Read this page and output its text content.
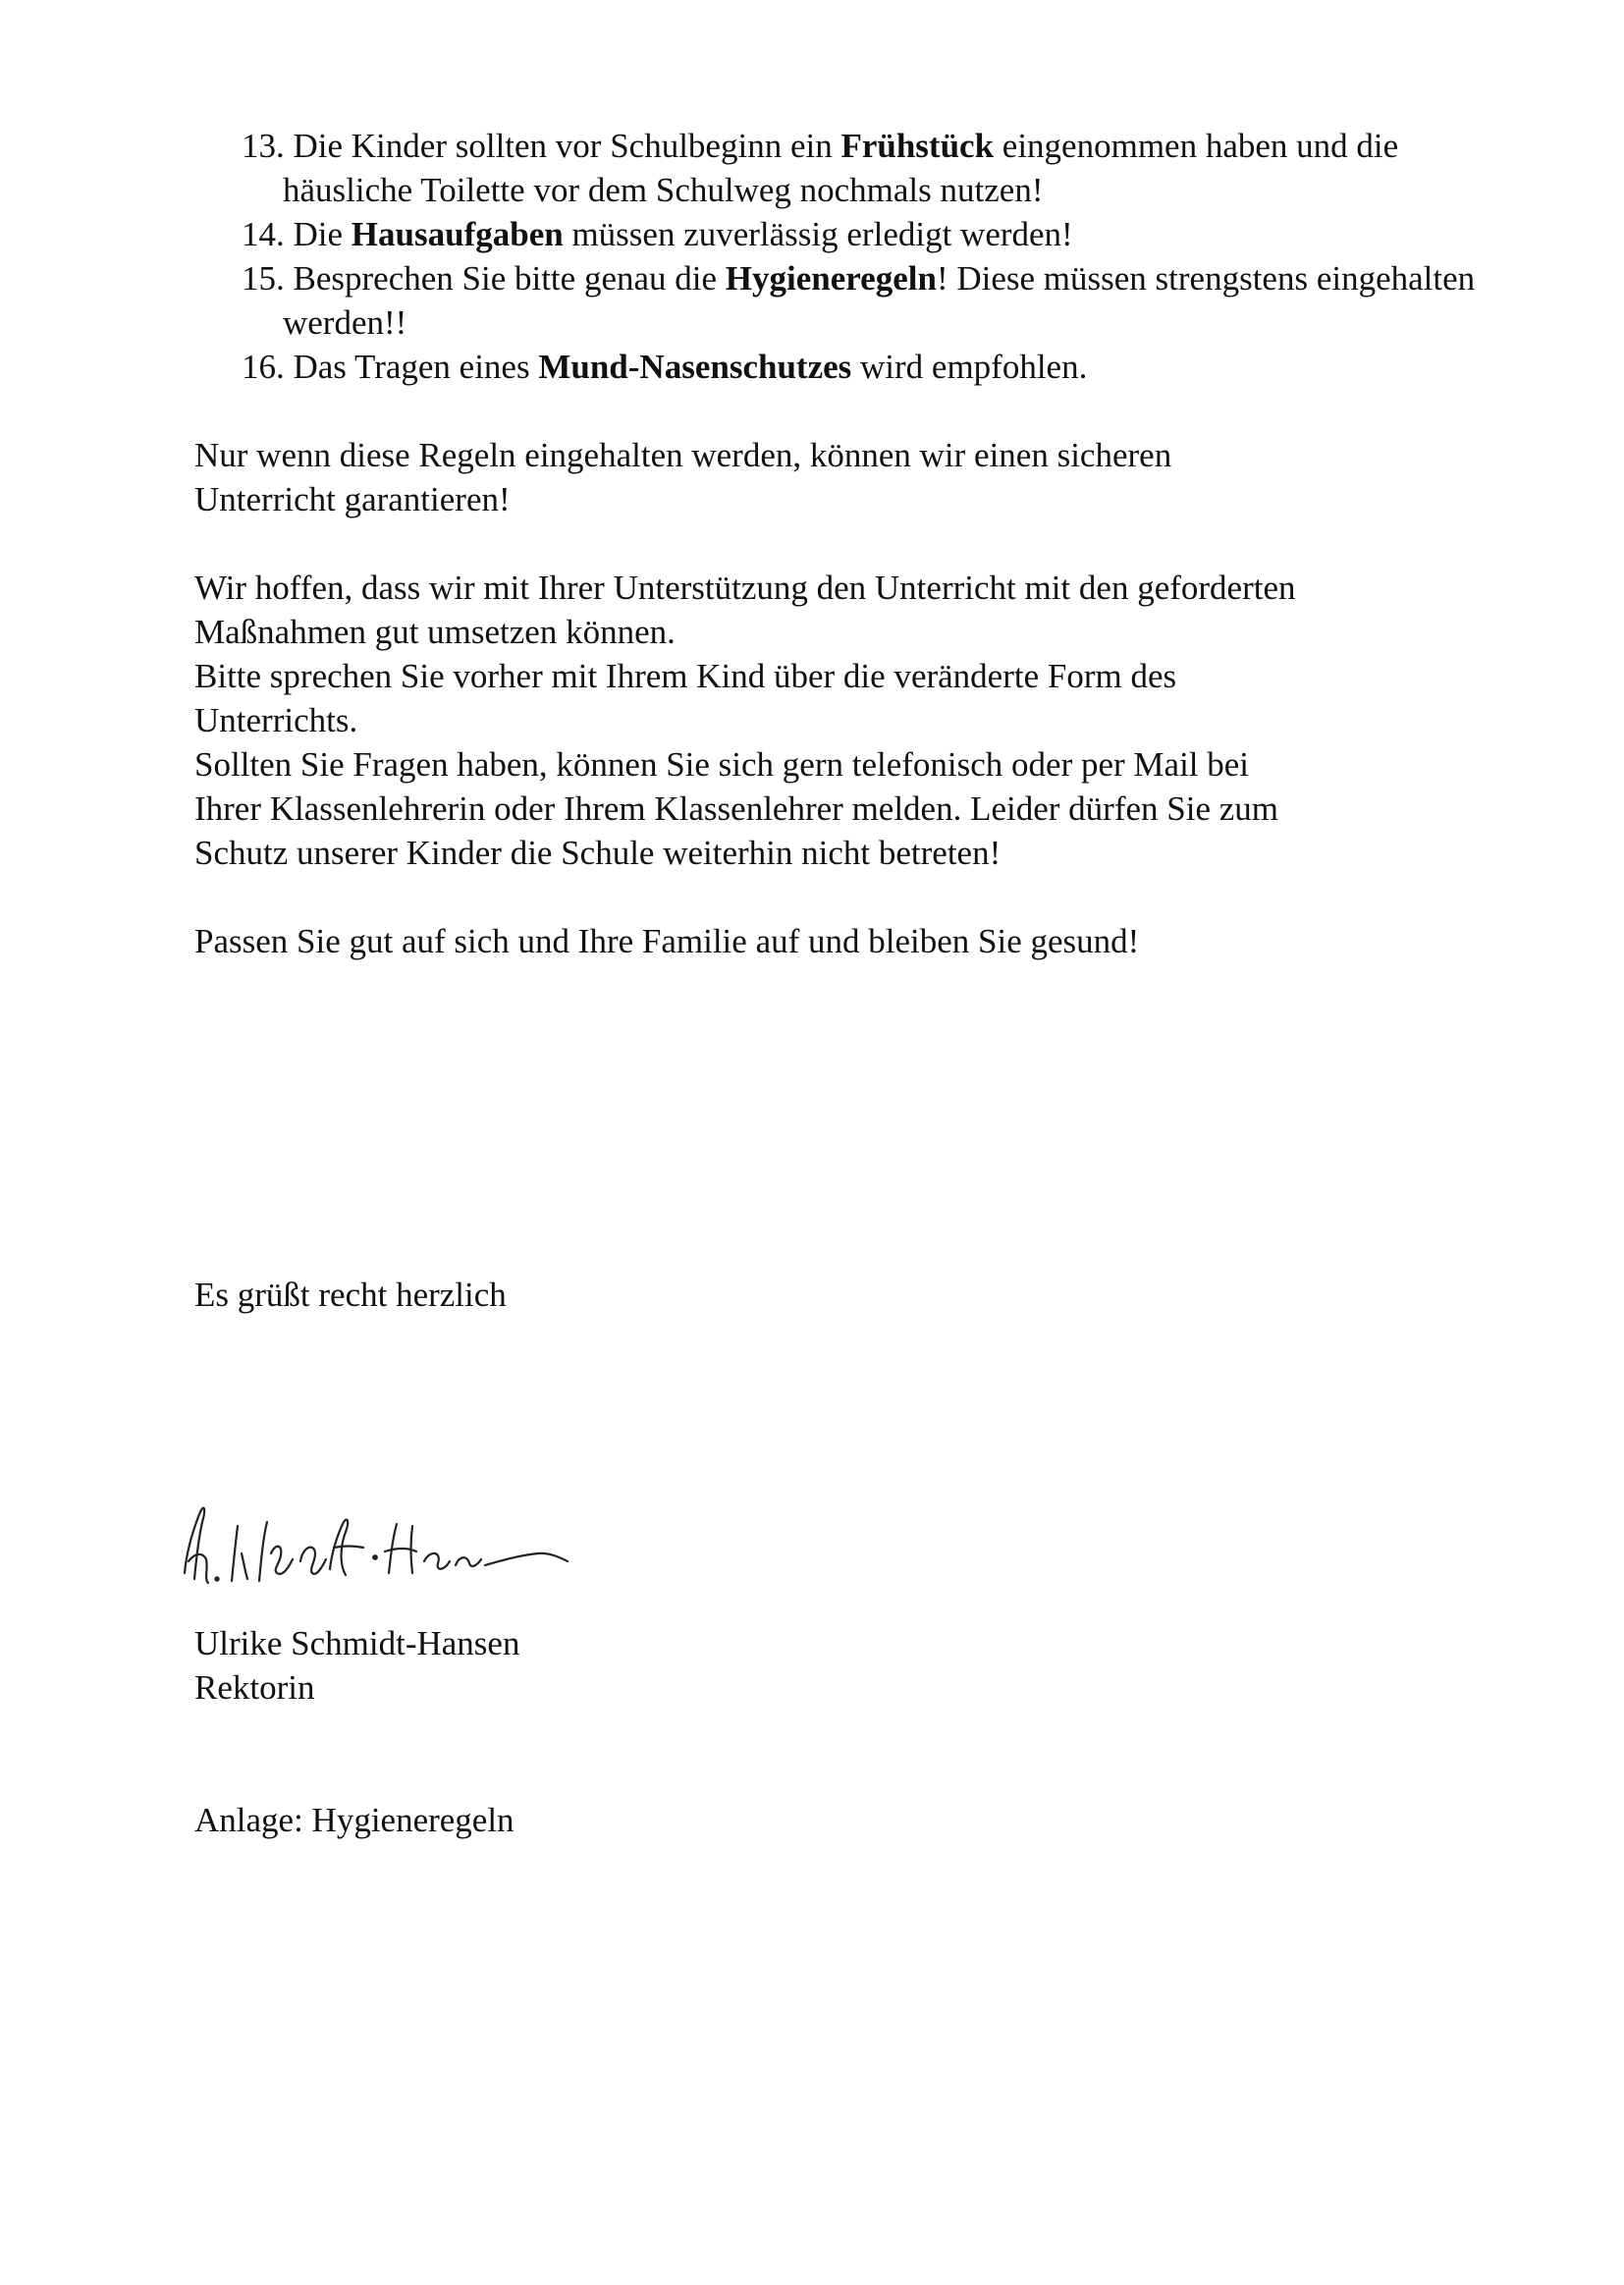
13. Die Kinder sollten vor Schulbeginn ein Frühstück eingenommen haben und die häusliche Toilette vor dem Schulweg nochmals nutzen!
14. Die Hausaufgaben müssen zuverlässig erledigt werden!
15. Besprechen Sie bitte genau die Hygieneregeln! Diese müssen strengstens eingehalten werden!!
16. Das Tragen eines Mund-Nasenschutzes wird empfohlen.

Nur wenn diese Regeln eingehalten werden, können wir einen sicheren
Unterricht garantieren!

Wir hoffen, dass wir mit Ihrer Unterstützung den Unterricht mit den geforderten
Maßnahmen gut umsetzen können.
Bitte sprechen Sie vorher mit Ihrem Kind über die veränderte Form des
Unterrichts.
Sollten Sie Fragen haben, können Sie sich gern telefonisch oder per Mail bei
Ihrer Klassenlehrerin oder Ihrem Klassenlehrer melden. Leider dürfen Sie zum
Schutz unserer Kinder die Schule weiterhin nicht betreten!

Passen Sie gut auf sich und Ihre Familie auf und bleiben Sie gesund!

Es grüßt recht herzlich

Ulrike Schmidt-Hansen
Rektorin

Anlage: Hygieneregeln
